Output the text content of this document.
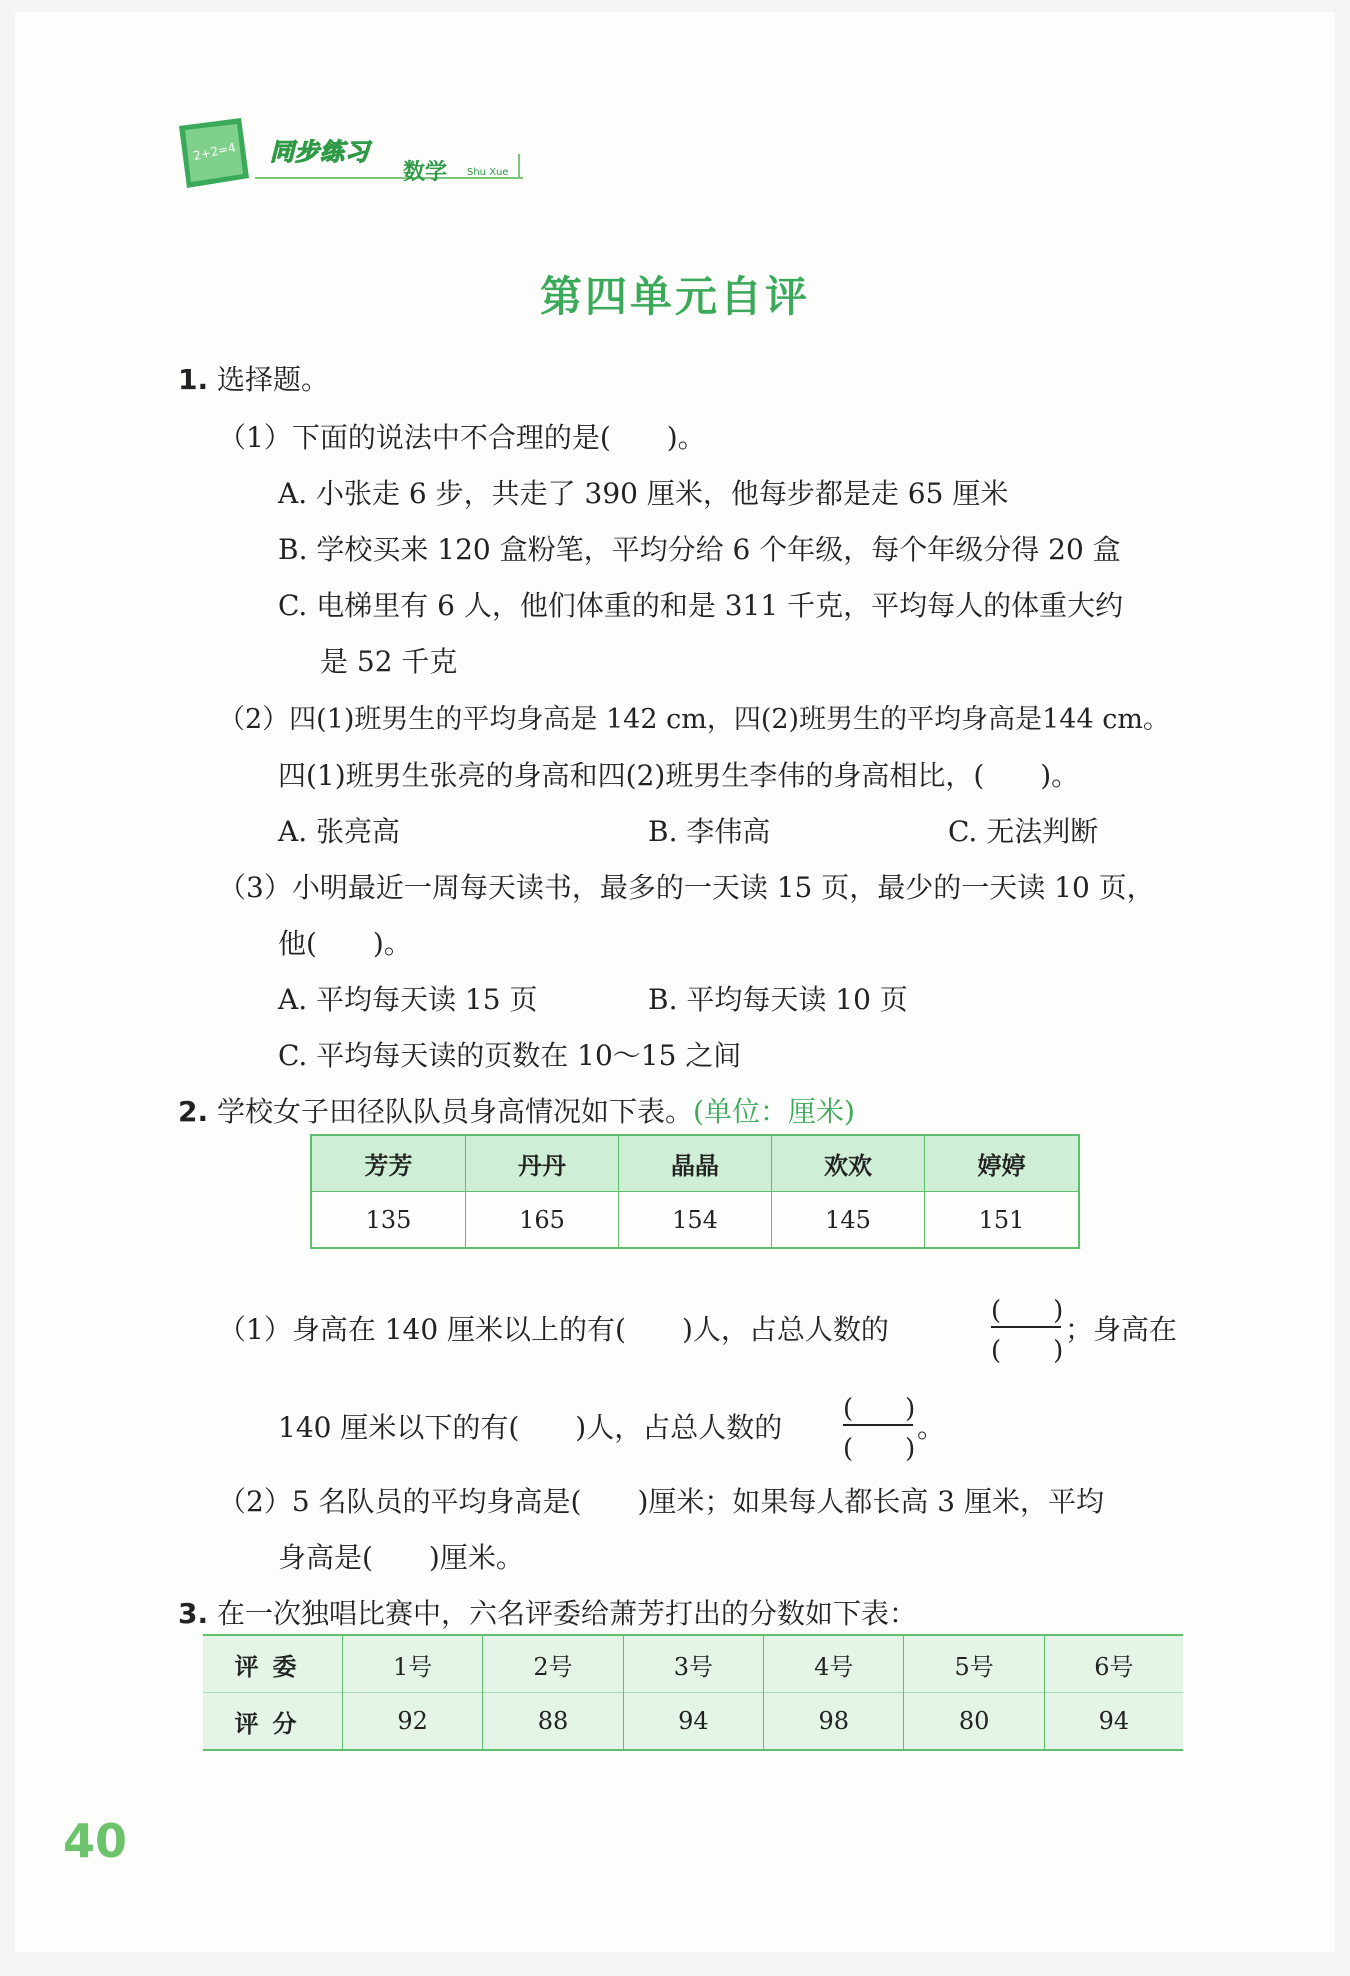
2+2=4 同步练习
数学 Shu Xue
第四单元自评
1. 选择题。
（1）下面的说法中不合理的是(　　)。
A. 小张走 6 步，共走了 390 厘米，他每步都是走 65 厘米
B. 学校买来 120 盒粉笔，平均分给 6 个年级，每个年级分得 20 盒
C. 电梯里有 6 人，他们体重的和是 311 千克，平均每人的体重大约
是 52 千克
（2）四(1)班男生的平均身高是 142 cm，四(2)班男生的平均身高是144 cm。
四(1)班男生张亮的身高和四(2)班男生李伟的身高相比，(　　)。
A. 张亮高	B. 李伟高	C. 无法判断
（3）小明最近一周每天读书，最多的一天读 15 页，最少的一天读 10 页，
他(　　)。
A. 平均每天读 15 页	B. 平均每天读 10 页
C. 平均每天读的页数在 10～15 之间
2. 学校女子田径队队员身高情况如下表。(单位：厘米)
芳芳	丹丹	晶晶	欢欢	婷婷
135	165	154	145	151
（1）身高在 140 厘米以上的有(　　)人，占总人数的
(　　)
(　　)
；身高在
140 厘米以下的有(　　)人，占总人数的
(　　)
(　　)
。
（2）5 名队员的平均身高是(　　)厘米；如果每人都长高 3 厘米，平均
身高是(　　)厘米。
3. 在一次独唱比赛中，六名评委给萧芳打出的分数如下表：
评委	1号	2号	3号	4号	5号	6号
评分	92	88	94	98	80	94
40
